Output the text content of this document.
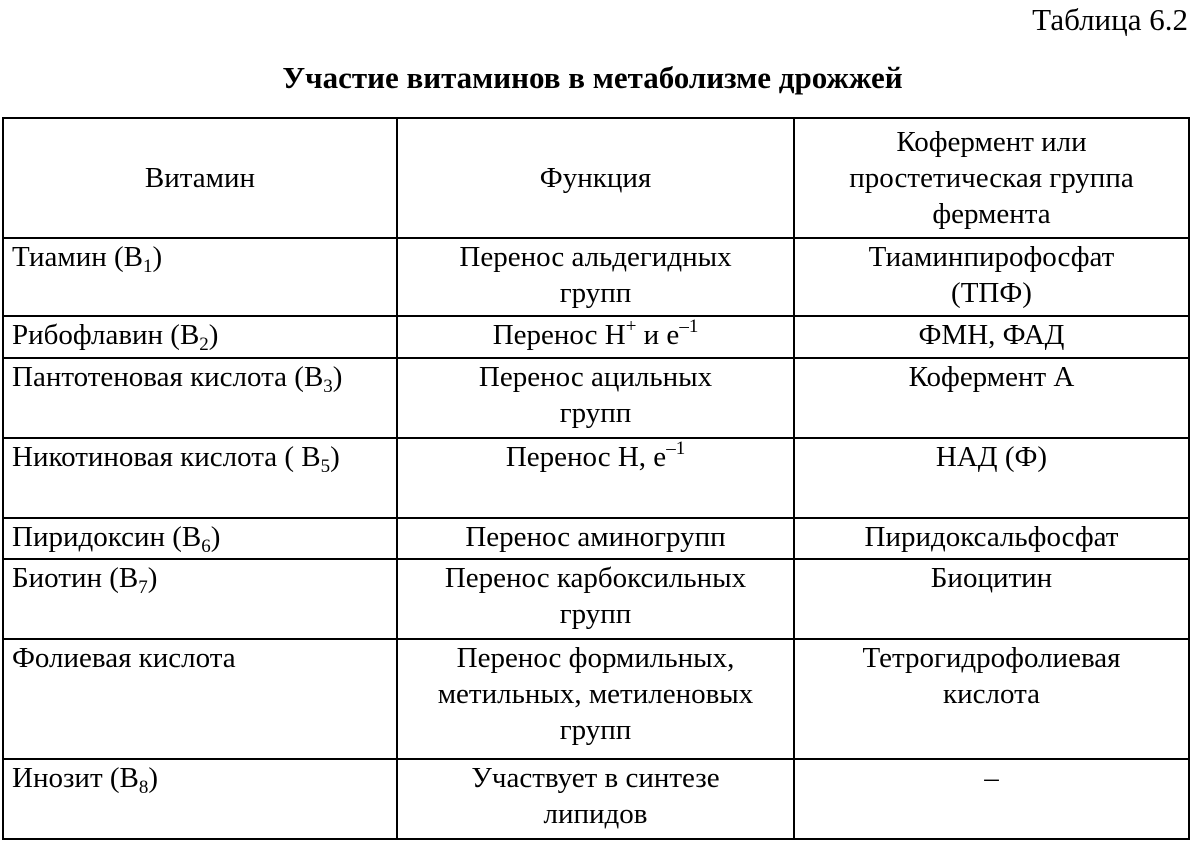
Таблица 6.2
Участие витаминов в метаболизме дрожжей
Витамин	Функция	Кофермент или простетическая группа фермента
Тиамин $(B_1)$	Перенос альдегидных групп	Тиаминпирофосфат (ТПФ)
Рибофлавин $(B_2)$	Перенос H+ и $e^{-1}$	ФМН, ФАД
Пантотеновая кислота $(B_3)$	Перенос ацильных групп	Кофермент А
Никотиновая кислота ( $B_5$)	Перенос H, $e^{-1}$	НАД (Ф)
Пиридоксин $(B_6)$	Перенос аминогрупп	Пиридоксальфосфат
Биотин $(B_7)$	Перенос карбоксильных групп	Биоцитин
Фолиевая кислота	Перенос формильных, метильных, метиленовых групп	Тетрогидрофолиевая кислота
Инозит $(B_8)$	Участвует в синтезе липидов	–
